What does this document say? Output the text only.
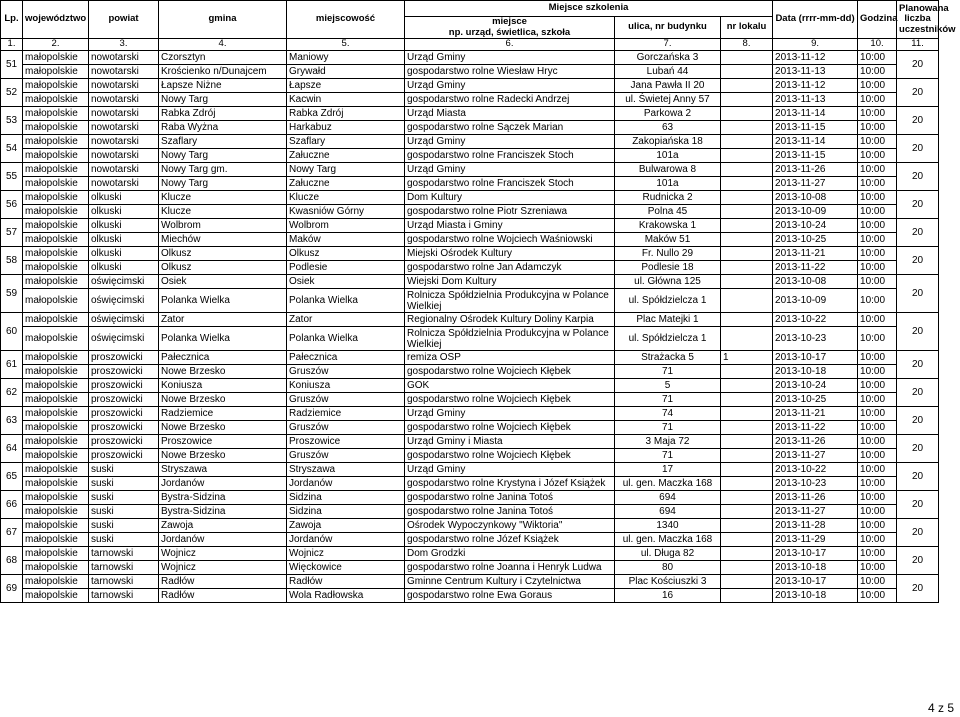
Lp.	województwo	powiat	gmina	miejscowość	Miejsce szkolenia			Data (rrrr-mm-dd)	Godzina	Planowana
liczba
uczestników

					miejsce
np. urząd, świetlica, szkoła	ulica, nr budynku	nr lokalu			
1.	2.	3.	4.	5.	6.	7.	8.	9.	10.	11.
51	małopolskie	nowotarski	Czorsztyn	Maniowy	Urząd Gminy	Gorczańska 3		2013-11-12	10:00	20
	małopolskie	nowotarski	Krościenko n/Dunajcem	Grywałd	gospodarstwo rolne Wiesław Hryc	Lubań 44		2013-11-13	10:00	
52	małopolskie	nowotarski	Łapsze Niżne	Łapsze	Urząd Gminy	Jana Pawła II 20		2013-11-12	10:00	20
	małopolskie	nowotarski	Nowy Targ	Kacwin	gospodarstwo rolne Radecki Andrzej	ul. Świetej Anny 57		2013-11-13	10:00	
53	małopolskie	nowotarski	Rabka Zdrój	Rabka Zdrój	Urząd Miasta	Parkowa 2		2013-11-14	10:00	20
	małopolskie	nowotarski	Raba Wyżna	Harkabuz	gospodarstwo rolne Sączek Marian	63		2013-11-15	10:00	
54	małopolskie	nowotarski	Szaflary	Szaflary	Urząd Gminy	Zakopiańska 18		2013-11-14	10:00	20
	małopolskie	nowotarski	Nowy Targ	Załuczne	gospodarstwo rolne Franciszek Stoch	101a		2013-11-15	10:00	
55	małopolskie	nowotarski	Nowy Targ gm.	Nowy Targ	Urząd Gminy	Bulwarowa 8		2013-11-26	10:00	20
	małopolskie	nowotarski	Nowy Targ	Załuczne	gospodarstwo rolne Franciszek Stoch	101a		2013-11-27	10:00	
56	małopolskie	olkuski	Klucze	Klucze	Dom Kultury	Rudnicka 2		2013-10-08	10:00	20
	małopolskie	olkuski	Klucze	Kwasniów Górny	gospodarstwo rolne Piotr Szreniawa	Polna 45		2013-10-09	10:00	
57	małopolskie	olkuski	Wolbrom	Wolbrom	Urząd Miasta i Gminy	Krakowska 1		2013-10-24	10:00	20
	małopolskie	olkuski	Miechów	Maków	gospodarstwo rolne Wojciech Waśniowski	Maków 51		2013-10-25	10:00	
58	małopolskie	olkuski	Olkusz	Olkusz	Miejski Ośrodek Kultury	Fr. Nullo 29		2013-11-21	10:00	20
	małopolskie	olkuski	Olkusz	Podlesie	gospodarstwo rolne Jan Adamczyk	Podlesie 18		2013-11-22	10:00	
59	małopolskie	oświęcimski	Osiek	Osiek	Wiejski Dom Kultury	ul. Główna 125		2013-10-08	10:00	20
	małopolskie	oświęcimski	Polanka Wielka	Polanka Wielka	Rolnicza Spółdzielnia Produkcyjna w Polance Wielkiej	ul. Spółdzielcza 1		2013-10-09	10:00	
60	małopolskie	oświęcimski	Zator	Zator	Regionalny Ośrodek Kultury Doliny Karpia	Plac Matejki 1		2013-10-22	10:00	20
	małopolskie	oświęcimski	Polanka Wielka	Polanka Wielka	Rolnicza Spółdzielnia Produkcyjna w Polance Wielkiej	ul. Spółdzielcza 1		2013-10-23	10:00	
61	małopolskie	proszowicki	Pałecznica	Pałecznica	remiza OSP	Strażacka 5	1	2013-10-17	10:00	20
	małopolskie	proszowicki	Nowe Brzesko	Gruszów	gospodarstwo rolne Wojciech Kłębek	71		2013-10-18	10:00	
62	małopolskie	proszowicki	Koniusza	Koniusza	GOK	5		2013-10-24	10:00	20
	małopolskie	proszowicki	Nowe Brzesko	Gruszów	gospodarstwo rolne Wojciech Kłębek	71		2013-10-25	10:00	
63	małopolskie	proszowicki	Radziemice	Radziemice	Urząd Gminy	74		2013-11-21	10:00	20
	małopolskie	proszowicki	Nowe Brzesko	Gruszów	gospodarstwo rolne Wojciech Kłębek	71		2013-11-22	10:00	
64	małopolskie	proszowicki	Proszowice	Proszowice	Urząd Gminy i Miasta	3 Maja 72		2013-11-26	10:00	20
	małopolskie	proszowicki	Nowe Brzesko	Gruszów	gospodarstwo rolne Wojciech Kłębek	71		2013-11-27	10:00	
65	małopolskie	suski	Stryszawa	Stryszawa	Urząd Gminy	17		2013-10-22	10:00	20
	małopolskie	suski	Jordanów	Jordanów	gospodarstwo rolne Krystyna i Józef Książek	ul. gen. Maczka 168		2013-10-23	10:00	
66	małopolskie	suski	Bystra-Sidzina	Sidzina	gospodarstwo rolne Janina Totoś	694		2013-11-26	10:00	20
	małopolskie	suski	Bystra-Sidzina	Sidzina	gospodarstwo rolne Janina Totoś	694		2013-11-27	10:00	
67	małopolskie	suski	Zawoja	Zawoja	Ośrodek Wypoczynkowy "Wiktoria"	1340		2013-11-28	10:00	20
	małopolskie	suski	Jordanów	Jordanów	gospodarstwo rolne Józef Książek	ul. gen. Maczka 168		2013-11-29	10:00	
68	małopolskie	tarnowski	Wojnicz	Wojnicz	Dom Grodzki	ul. Długa 82		2013-10-17	10:00	20
	małopolskie	tarnowski	Wojnicz	Więckowice	gospodarstwo rolne Joanna i Henryk Ludwa	80		2013-10-18	10:00	
69	małopolskie	tarnowski	Radłów	Radłów	Gminne Centrum Kultury i Czytelnictwa	Plac Kościuszki 3		2013-10-17	10:00	20
	małopolskie	tarnowski	Radłów	Wola Radłowska	gospodarstwo rolne Ewa Goraus	16		2013-10-18	10:00	
4 z 5
